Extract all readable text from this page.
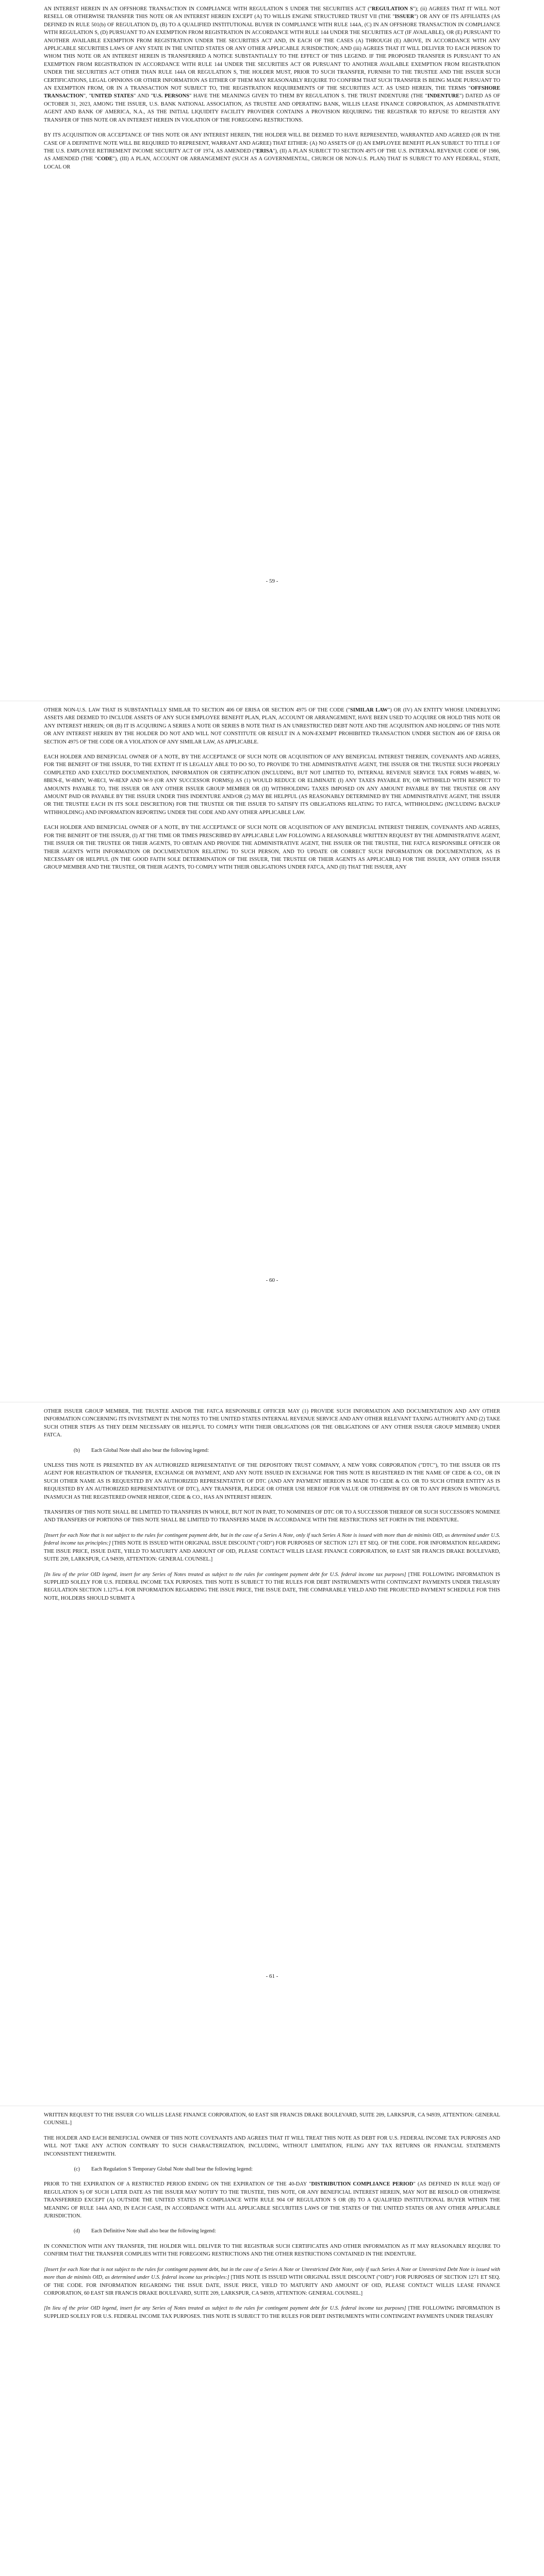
AN INTEREST HEREIN IN AN OFFSHORE TRANSACTION IN COMPLIANCE WITH REGULATION S UNDER THE SECURITIES ACT ("REGULATION S"); (ii) AGREES THAT IT WILL NOT RESELL OR OTHERWISE TRANSFER THIS NOTE OR AN INTEREST HEREIN EXCEPT (A) TO WILLIS ENGINE STRUCTURED TRUST VII (THE "ISSUER") OR ANY OF ITS AFFILIATES (AS DEFINED IN RULE 501(b) OF REGULATION D), (B) TO A QUALIFIED INSTITUTIONAL BUYER IN COMPLIANCE WITH RULE 144A, (C) IN AN OFFSHORE TRANSACTION IN COMPLIANCE WITH REGULATION S, (D) PURSUANT TO AN EXEMPTION FROM REGISTRATION IN ACCORDANCE WITH RULE 144 UNDER THE SECURITIES ACT (IF AVAILABLE), OR (E) PURSUANT TO ANOTHER AVAILABLE EXEMPTION FROM REGISTRATION UNDER THE SECURITIES ACT AND, IN EACH OF THE CASES (A) THROUGH (E) ABOVE, IN ACCORDANCE WITH ANY APPLICABLE SECURITIES LAWS OF ANY STATE IN THE UNITED STATES OR ANY OTHER APPLICABLE JURISDICTION; AND (iii) AGREES THAT IT WILL DELIVER TO EACH PERSON TO WHOM THIS NOTE OR AN INTEREST HEREIN IS TRANSFERRED A NOTICE SUBSTANTIALLY TO THE EFFECT OF THIS LEGEND. IF THE PROPOSED TRANSFER IS PURSUANT TO AN EXEMPTION FROM REGISTRATION IN ACCORDANCE WITH RULE 144 UNDER THE SECURITIES ACT OR PURSUANT TO ANOTHER AVAILABLE EXEMPTION FROM REGISTRATION UNDER THE SECURITIES ACT OTHER THAN RULE 144A OR REGULATION S, THE HOLDER MUST, PRIOR TO SUCH TRANSFER, FURNISH TO THE TRUSTEE AND THE ISSUER SUCH CERTIFICATIONS, LEGAL OPINIONS OR OTHER INFORMATION AS EITHER OF THEM MAY REASONABLY REQUIRE TO CONFIRM THAT SUCH TRANSFER IS BEING MADE PURSUANT TO AN EXEMPTION FROM, OR IN A TRANSACTION NOT SUBJECT TO, THE REGISTRATION REQUIREMENTS OF THE SECURITIES ACT. AS USED HEREIN, THE TERMS "OFFSHORE TRANSACTION", "UNITED STATES" AND "U.S. PERSONS" HAVE THE MEANINGS GIVEN TO THEM BY REGULATION S. THE TRUST INDENTURE (THE "INDENTURE") DATED AS OF OCTOBER 31, 2023, AMONG THE ISSUER, U.S. BANK NATIONAL ASSOCIATION, AS TRUSTEE AND OPERATING BANK, WILLIS LEASE FINANCE CORPORATION, AS ADMINISTRATIVE AGENT AND BANK OF AMERICA, N.A., AS THE INITIAL LIQUIDITY FACILITY PROVIDER CONTAINS A PROVISION REQUIRING THE REGISTRAR TO REFUSE TO REGISTER ANY TRANSFER OF THIS NOTE OR AN INTEREST HEREIN IN VIOLATION OF THE FOREGOING RESTRICTIONS.

BY ITS ACQUISITION OR ACCEPTANCE OF THIS NOTE OR ANY INTEREST HEREIN, THE HOLDER WILL BE DEEMED TO HAVE REPRESENTED, WARRANTED AND AGREED (OR IN THE CASE OF A DEFINITIVE NOTE WILL BE REQUIRED TO REPRESENT, WARRANT AND AGREE) THAT EITHER: (A) NO ASSETS OF (I) AN EMPLOYEE BENEFIT PLAN SUBJECT TO TITLE I OF THE U.S. EMPLOYEE RETIREMENT INCOME SECURITY ACT OF 1974, AS AMENDED ("ERISA"), (II) A PLAN SUBJECT TO SECTION 4975 OF THE U.S. INTERNAL REVENUE CODE OF 1986, AS AMENDED (THE "CODE"), (III) A PLAN, ACCOUNT OR ARRANGEMENT (SUCH AS A GOVERNMENTAL, CHURCH OR NON-U.S. PLAN) THAT IS SUBJECT TO ANY FEDERAL, STATE, LOCAL OR

- 59 -

OTHER NON-U.S. LAW THAT IS SUBSTANTIALLY SIMILAR TO SECTION 406 OF ERISA OR SECTION 4975 OF THE CODE ("SIMILAR LAW") OR (IV) AN ENTITY WHOSE UNDERLYING ASSETS ARE DEEMED TO INCLUDE ASSETS OF ANY SUCH EMPLOYEE BENEFIT PLAN, PLAN, ACCOUNT OR ARRANGEMENT, HAVE BEEN USED TO ACQUIRE OR HOLD THIS NOTE OR ANY INTEREST HEREIN; OR (B) IT IS ACQUIRING A SERIES A NOTE OR SERIES B NOTE THAT IS AN UNRESTRICTED DEBT NOTE AND THE ACQUISITION AND HOLDING OF THIS NOTE OR ANY INTEREST HEREIN BY THE HOLDER DO NOT AND WILL NOT CONSTITUTE OR RESULT IN A NON-EXEMPT PROHIBITED TRANSACTION UNDER SECTION 406 OF ERISA OR SECTION 4975 OF THE CODE OR A VIOLATION OF ANY SIMILAR LAW, AS APPLICABLE.

EACH HOLDER AND BENEFICIAL OWNER OF A NOTE, BY THE ACCEPTANCE OF SUCH NOTE OR ACQUISITION OF ANY BENEFICIAL INTEREST THEREIN, COVENANTS AND AGREES, FOR THE BENEFIT OF THE ISSUER, TO THE EXTENT IT IS LEGALLY ABLE TO DO SO, TO PROVIDE TO THE ADMINISTRATIVE AGENT, THE ISSUER OR THE TRUSTEE SUCH PROPERLY COMPLETED AND EXECUTED DOCUMENTATION, INFORMATION OR CERTIFICATION (INCLUDING, BUT NOT LIMITED TO, INTERNAL REVENUE SERVICE TAX FORMS W-8BEN, W-8BEN-E, W-8IMY, W-8ECI, W-8EXP AND W-9 (OR ANY SUCCESSOR FORMS)) AS (1) WOULD REDUCE OR ELIMINATE (I) ANY TAXES PAYABLE BY, OR WITHHELD WITH RESPECT TO AMOUNTS PAYABLE TO, THE ISSUER OR ANY OTHER ISSUER GROUP MEMBER OR (II) WITHHOLDING TAXES IMPOSED ON ANY AMOUNT PAYABLE BY THE TRUSTEE OR ANY AMOUNT PAID OR PAYABLE BY THE ISSUER UNDER THIS INDENTURE AND/OR (2) MAY BE HELPFUL (AS REASONABLY DETERMINED BY THE ADMINISTRATIVE AGENT, THE ISSUER OR THE TRUSTEE EACH IN ITS SOLE DISCRETION) FOR THE TRUSTEE OR THE ISSUER TO SATISFY ITS OBLIGATIONS RELATING TO FATCA, WITHHOLDING (INCLUDING BACKUP WITHHOLDING) AND INFORMATION REPORTING UNDER THE CODE AND ANY OTHER APPLICABLE LAW.

EACH HOLDER AND BENEFICIAL OWNER OF A NOTE, BY THE ACCEPTANCE OF SUCH NOTE OR ACQUISITION OF ANY BENEFICIAL INTEREST THEREIN, COVENANTS AND AGREES, FOR THE BENEFIT OF THE ISSUER, (I) AT THE TIME OR TIMES PRESCRIBED BY APPLICABLE LAW FOLLOWING A REASONABLE WRITTEN REQUEST BY THE ADMINISTRATIVE AGENT, THE ISSUER OR THE TRUSTEE OR THEIR AGENTS, TO OBTAIN AND PROVIDE THE ADMINISTRATIVE AGENT, THE ISSUER OR THE TRUSTEE, THE FATCA RESPONSIBLE OFFICER OR THEIR AGENTS WITH INFORMATION OR DOCUMENTATION RELATING TO SUCH PERSON, AND TO UPDATE OR CORRECT SUCH INFORMATION OR DOCUMENTATION, AS IS NECESSARY OR HELPFUL (IN THE GOOD FAITH SOLE DETERMINATION OF THE ISSUER, THE TRUSTEE OR THEIR AGENTS AS APPLICABLE) FOR THE ISSUER, ANY OTHER ISSUER GROUP MEMBER AND THE TRUSTEE, OR THEIR AGENTS, TO COMPLY WITH THEIR OBLIGATIONS UNDER FATCA, AND (II) THAT THE ISSUER, ANY

- 60 -

OTHER ISSUER GROUP MEMBER, THE TRUSTEE AND/OR THE FATCA RESPONSIBLE OFFICER MAY (1) PROVIDE SUCH INFORMATION AND DOCUMENTATION AND ANY OTHER INFORMATION CONCERNING ITS INVESTMENT IN THE NOTES TO THE UNITED STATES INTERNAL REVENUE SERVICE AND ANY OTHER RELEVANT TAXING AUTHORITY AND (2) TAKE SUCH OTHER STEPS AS THEY DEEM NECESSARY OR HELPFUL TO COMPLY WITH THEIR OBLIGATIONS (OR THE OBLIGATIONS OF ANY OTHER ISSUER GROUP MEMBER) UNDER FATCA.

(b) Each Global Note shall also bear the following legend:

UNLESS THIS NOTE IS PRESENTED BY AN AUTHORIZED REPRESENTATIVE OF THE DEPOSITORY TRUST COMPANY, A NEW YORK CORPORATION ("DTC"), TO THE ISSUER OR ITS AGENT FOR REGISTRATION OF TRANSFER, EXCHANGE OR PAYMENT, AND ANY NOTE ISSUED IN EXCHANGE FOR THIS NOTE IS REGISTERED IN THE NAME OF CEDE & CO., OR IN SUCH OTHER NAME AS IS REQUESTED BY AN AUTHORIZED REPRESENTATIVE OF DTC (AND ANY PAYMENT HEREON IS MADE TO CEDE & CO. OR TO SUCH OTHER ENTITY AS IS REQUESTED BY AN AUTHORIZED REPRESENTATIVE OF DTC), ANY TRANSFER, PLEDGE OR OTHER USE HEREOF FOR VALUE OR OTHERWISE BY OR TO ANY PERSON IS WRONGFUL INASMUCH AS THE REGISTERED OWNER HEREOF, CEDE & CO., HAS AN INTEREST HEREIN.

TRANSFERS OF THIS NOTE SHALL BE LIMITED TO TRANSFERS IN WHOLE, BUT NOT IN PART, TO NOMINEES OF DTC OR TO A SUCCESSOR THEREOF OR SUCH SUCCESSOR'S NOMINEE AND TRANSFERS OF PORTIONS OF THIS NOTE SHALL BE LIMITED TO TRANSFERS MADE IN ACCORDANCE WITH THE RESTRICTIONS SET FORTH IN THE INDENTURE.

[Insert for each Note that is not subject to the rules for contingent payment debt, but in the case of a Series A Note, only if such Series A Note is issued with more than de minimis OID, as determined under U.S. federal income tax principles:] [THIS NOTE IS ISSUED WITH ORIGINAL ISSUE DISCOUNT ("OID") FOR PURPOSES OF SECTION 1271 ET SEQ. OF THE CODE. FOR INFORMATION REGARDING THE ISSUE PRICE, ISSUE DATE, YIELD TO MATURITY AND AMOUNT OF OID, PLEASE CONTACT WILLIS LEASE FINANCE CORPORATION, 60 EAST SIR FRANCIS DRAKE BOULEVARD, SUITE 209, LARKSPUR, CA 94939, ATTENTION: GENERAL COUNSEL.]

[In lieu of the prior OID legend, insert for any Series of Notes treated as subject to the rules for contingent payment debt for U.S. federal income tax purposes] [THE FOLLOWING INFORMATION IS SUPPLIED SOLELY FOR U.S. FEDERAL INCOME TAX PURPOSES. THIS NOTE IS SUBJECT TO THE RULES FOR DEBT INSTRUMENTS WITH CONTINGENT PAYMENTS UNDER TREASURY REGULATION SECTION 1.1275-4. FOR INFORMATION REGARDING THE ISSUE PRICE, THE ISSUE DATE, THE COMPARABLE YIELD AND THE PROJECTED PAYMENT SCHEDULE FOR THIS NOTE, HOLDERS SHOULD SUBMIT A

- 61 -

WRITTEN REQUEST TO THE ISSUER C/O WILLIS LEASE FINANCE CORPORATION, 60 EAST SIR FRANCIS DRAKE BOULEVARD, SUITE 209, LARKSPUR, CA 94939, ATTENTION: GENERAL COUNSEL.]

THE HOLDER AND EACH BENEFICIAL OWNER OF THIS NOTE COVENANTS AND AGREES THAT IT WILL TREAT THIS NOTE AS DEBT FOR U.S. FEDERAL INCOME TAX PURPOSES AND WILL NOT TAKE ANY ACTION CONTRARY TO SUCH CHARACTERIZATION, INCLUDING, WITHOUT LIMITATION, FILING ANY TAX RETURNS OR FINANCIAL STATEMENTS INCONSISTENT THEREWITH.

(c) Each Regulation S Temporary Global Note shall bear the following legend:

PRIOR TO THE EXPIRATION OF A RESTRICTED PERIOD ENDING ON THE EXPIRATION OF THE 40-DAY "DISTRIBUTION COMPLIANCE PERIOD" (AS DEFINED IN RULE 902(f) OF REGULATION S) OF SUCH LATER DATE AS THE ISSUER MAY NOTIFY TO THE TRUSTEE, THIS NOTE, OR ANY BENEFICIAL INTEREST HEREIN, MAY NOT BE RESOLD OR OTHERWISE TRANSFERRED EXCEPT (A) OUTSIDE THE UNITED STATES IN COMPLIANCE WITH RULE 904 OF REGULATION S OR (B) TO A QUALIFIED INSTITUTIONAL BUYER WITHIN THE MEANING OF RULE 144A AND, IN EACH CASE, IN ACCORDANCE WITH ALL APPLICABLE SECURITIES LAWS OF THE STATES OF THE UNITED STATES OR ANY OTHER APPLICABLE JURISDICTION.

(d) Each Definitive Note shall also bear the following legend:

IN CONNECTION WITH ANY TRANSFER, THE HOLDER WILL DELIVER TO THE REGISTRAR SUCH CERTIFICATES AND OTHER INFORMATION AS IT MAY REASONABLY REQUIRE TO CONFIRM THAT THE TRANSFER COMPLIES WITH THE FOREGOING RESTRICTIONS AND THE OTHER RESTRICTIONS CONTAINED IN THE INDENTURE.

[Insert for each Note that is not subject to the rules for contingent payment debt, but in the case of a Series A Note or Unrestricted Debt Note, only if such Series A Note or Unrestricted Debt Note is issued with more than de minimis OID, as determined under U.S. federal income tax principles:] [THIS NOTE IS ISSUED WITH ORIGINAL ISSUE DISCOUNT ("OID") FOR PURPOSES OF SECTION 1271 ET SEQ. OF THE CODE. FOR INFORMATION REGARDING THE ISSUE DATE, ISSUE PRICE, YIELD TO MATURITY AND AMOUNT OF OID, PLEASE CONTACT WILLIS LEASE FINANCE CORPORATION, 60 EAST SIR FRANCIS DRAKE BOULEVARD, SUITE 209, LARKSPUR, CA 94939, ATTENTION: GENERAL COUNSEL.]

[In lieu of the prior OID legend, insert for any Series of Notes treated as subject to the rules for contingent payment debt for U.S. federal income tax purposes] [THE FOLLOWING INFORMATION IS SUPPLIED SOLELY FOR U.S. FEDERAL INCOME TAX PURPOSES. THIS NOTE IS SUBJECT TO THE RULES FOR DEBT INSTRUMENTS WITH CONTINGENT PAYMENTS UNDER TREASURY
